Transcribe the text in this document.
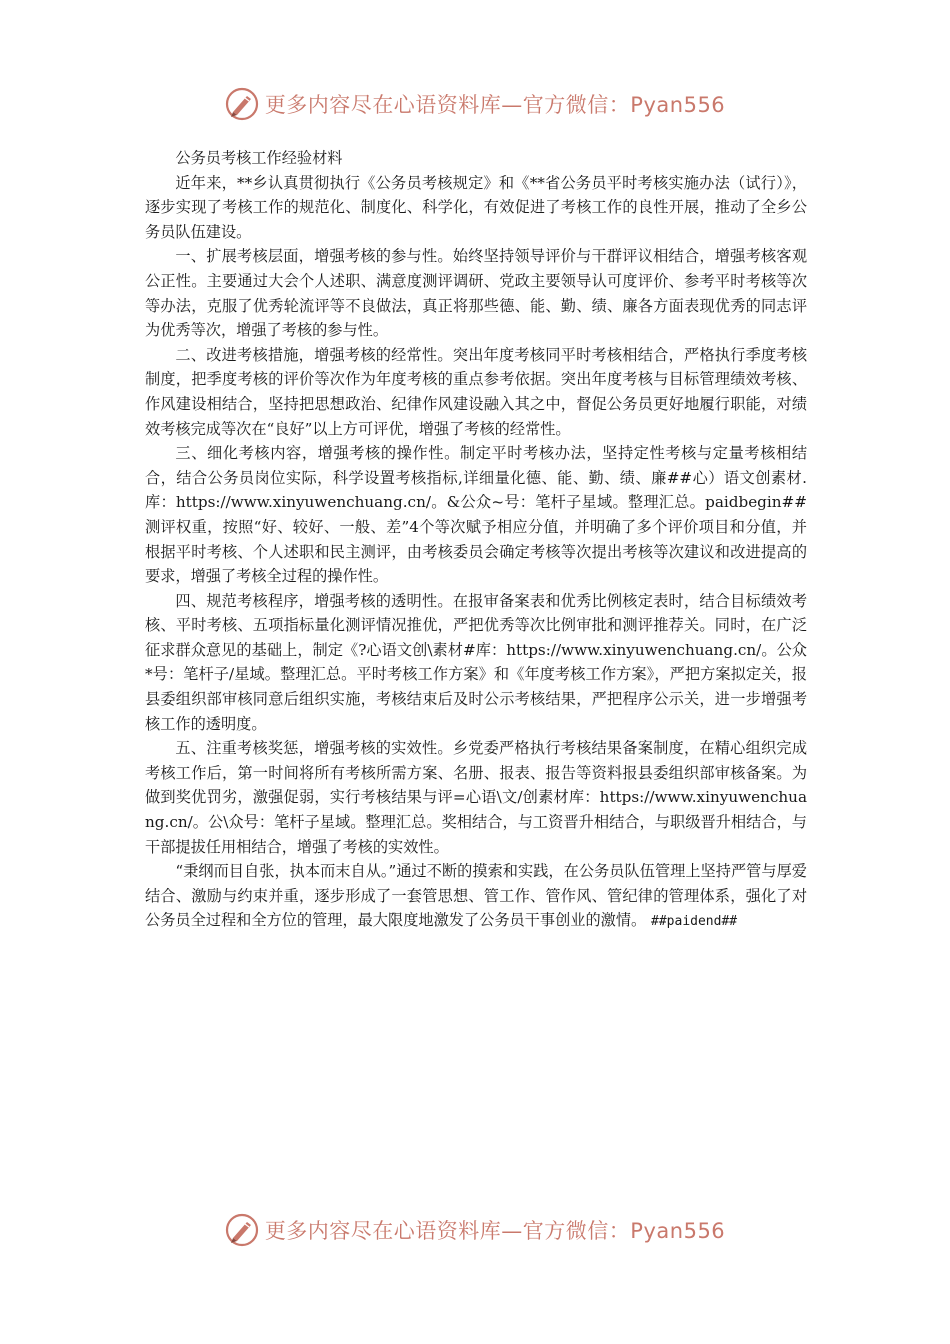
更多内容尽在心语资料库—官方微信：Pyan556

公务员考核工作经验材料

近年来，**乡认真贯彻执行《公务员考核规定》和《**省公务员平时考核实施办法（试行）》，逐步实现了考核工作的规范化、制度化、科学化，有效促进了考核工作的良性开展，推动了全乡公务员队伍建设。

一、扩展考核层面，增强考核的参与性。始终坚持领导评价与干群评议相结合，增强考核客观公正性。主要通过大会个人述职、满意度测评调研、党政主要领导认可度评价、参考平时考核等次等办法，克服了优秀轮流评等不良做法，真正将那些德、能、勤、绩、廉各方面表现优秀的同志评为优秀等次，增强了考核的参与性。

二、改进考核措施，增强考核的经常性。突出年度考核同平时考核相结合，严格执行季度考核制度，把季度考核的评价等次作为年度考核的重点参考依据。突出年度考核与目标管理绩效考核、作风建设相结合，坚持把思想政治、纪律作风建设融入其之中，督促公务员更好地履行职能，对绩效考核完成等次在“良好”以上方可评优，增强了考核的经常性。

三、细化考核内容，增强考核的操作性。制定平时考核办法，坚持定性考核与定量考核相结合，结合公务员岗位实际，科学设置考核指标,详细量化德、能、勤、绩、廉##心）语文创素材.库：https://www.xinyuwenchuang.cn/。&公众~号：笔杆子星域。整理汇总。paidbegin##测评权重，按照“好、较好、一般、差”4个等次赋予相应分值，并明确了多个评价项目和分值，并根据平时考核、个人述职和民主测评，由考核委员会确定考核等次提出考核等次建议和改进提高的要求，增强了考核全过程的操作性。

四、规范考核程序，增强考核的透明性。在报审备案表和优秀比例核定表时，结合目标绩效考核、平时考核、五项指标量化测评情况推优，严把优秀等次比例审批和测评推荐关。同时，在广泛征求群众意见的基础上，制定《?心语文创\素材#库：https://www.xinyuwenchuang.cn/。公众*号：笔杆子/星域。整理汇总。平时考核工作方案》和《年度考核工作方案》，严把方案拟定关，报县委组织部审核同意后组织实施，考核结束后及时公示考核结果，严把程序公示关，进一步增强考核工作的透明度。

五、注重考核奖惩，增强考核的实效性。乡党委严格执行考核结果备案制度，在精心组织完成考核工作后，第一时间将所有考核所需方案、名册、报表、报告等资料报县委组织部审核备案。为做到奖优罚劣，激强促弱，实行考核结果与评=心语\文/创素材库：https://www.xinyuwenchuang.cn/。公\众号：笔杆子星域。整理汇总。奖相结合，与工资晋升相结合，与职级晋升相结合，与干部提拔任用相结合，增强了考核的实效性。

“秉纲而目自张，执本而末自从。”通过不断的摸索和实践，在公务员队伍管理上坚持严管与厚爱结合、激励与约束并重，逐步形成了一套管思想、管工作、管作风、管纪律的管理体系，强化了对公务员全过程和全方位的管理，最大限度地激发了公务员干事创业的激情。 ##paidend##

更多内容尽在心语资料库—官方微信：Pyan556
